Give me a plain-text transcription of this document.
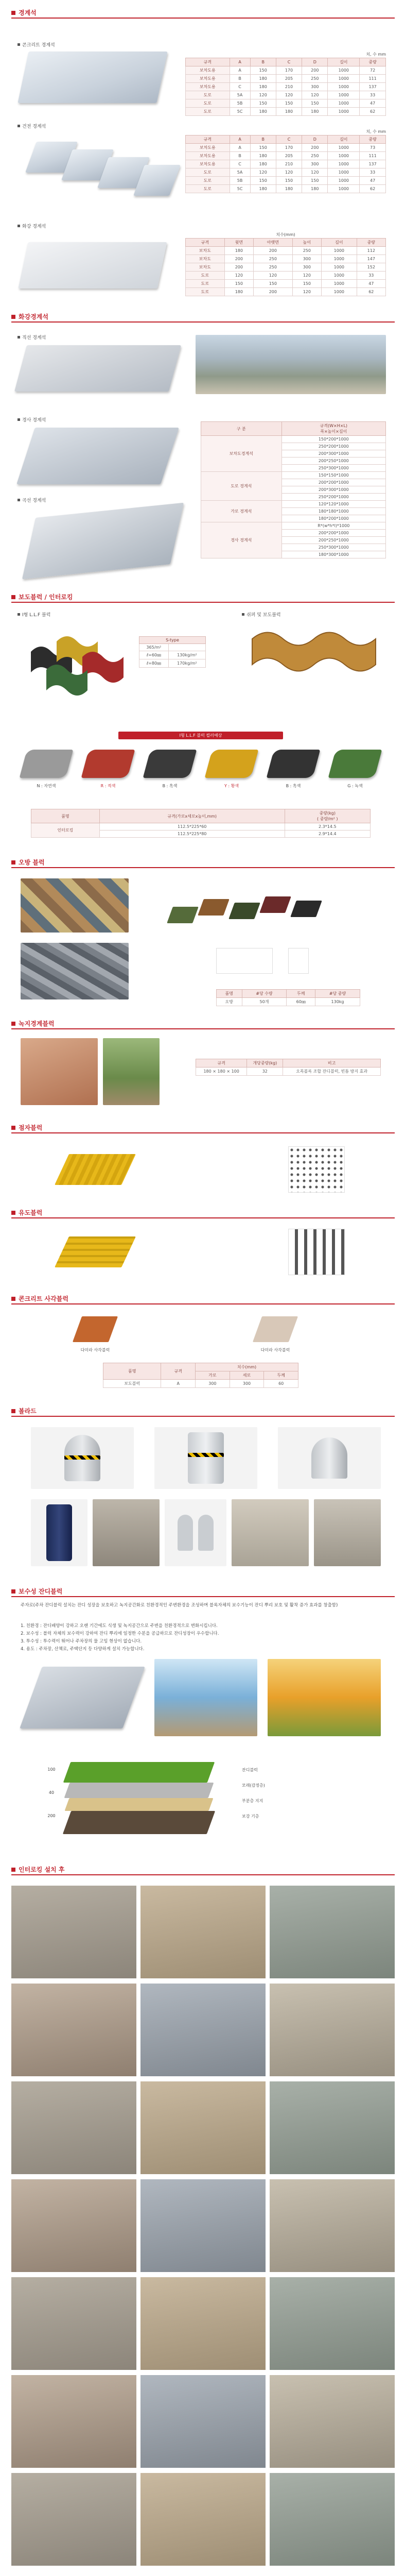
경계석
콘크리트 경계석
치, 수 mm
규격	A	B	C	D	길이	중량
보차도용	A	150	170	200	1000	72
보차도용	B	180	205	250	1000	111
보차도용	C	180	210	300	1000	137
도로	5A	120	120	120	1000	33
도로	5B	150	150	150	1000	47
도로	5C	180	180	180	1000	62
건전 경계석
치, 수 mm
규격	A	B	C	D	길이	중량
보차도용	A	150	170	200	1000	73
보차도용	B	180	205	250	1000	111
보차도용	C	180	210	300	1000	137
도로	5A	120	120	120	1000	33
도로	5B	150	150	150	1000	47
도로	5C	180	180	180	1000	62
화강 경계석
치수(mm)
규격	윗면	아랫면	높이	길이	중량
보차도	180	200	250	1000	112
보차도	200	250	300	1000	147
보차도	200	250	300	1000	152
도로	120	120	120	1000	33
도로	150	150	150	1000	47
도로	180	200	120	1000	62
화강경계석
직선 경계석
경사 경계석
곡선 경계석
구 분	규격(W×H×L)
폭×높이×길이
보차도경계석	150*200*1000
	250*200*1000
	200*300*1000
	200*250*1000
	250*300*1000
도로 경계석	150*150*1000
	200*200*1000
	200*300*1000
	250*200*1000
가로 경계석	120*120*1000
	180*180*1000
	180*200*1000
경사 경계석	R*(w*h*l)*1000
	200*200*1000
	200*250*1000
	250*300*1000
	180*300*1000
보도블럭 / 인터로킹
I형 L.L.F 블럭	쉬퍼 및 보도블럭
S-type	
365/m²	
ℓ=60㎜	130kg/m²
ℓ=80㎜	170kg/m²
I형 L.L.F 블럭 컬러예상
N : 자연색	R : 적색	B : 흑색	Y : 황색	B : 흑색	G : 녹색
품명	규격(가로x세로x높이,mm)	중량(kg)
( 중량/m² )
인터로킹	112.5*225*60	2.3*14.5
	112.5*225*80	2.9*14.4
오방 블럭
품명	#당 수량	두께	#당 중량
오방	50개	60㎜	130kg
녹지경계블럭
규격	개당중량(kg)	비고
180 × 180 × 100	32	오목볼록 조합 잔디블럭, 빈틈 방지 효과
점자블럭
유도블럭
콘크리트 사각블럭
다미라 사각블럭	다미라 사각블럭
품명	규격	치수(mm)		
		가로	세로	두께
보도블럭	A	300	300	60
볼라드
보수성 잔디블럭
주자로(주차 잔디블럭 설치는 잔디 성장을 보호하고 녹지공간화로 친환경적인 주변환경을 조성하며 블록자체의 보수기능이 잔디 뿌리 보호 및 활착 증가 효과를 창출함)
1. 친환경 : 잔디배양이 강하고 오랜 기간에도 식생 및 녹지공간으로 주변을 친환경적으로 변화시킵니다.
2. 보수성 : 블럭 자체의 보수력이 강하여 잔디 뿌리에 일정한 수분을 공급하므로 잔디성장이 우수합니다.
3. 투수성 : 투수력이 뛰어나 주차장의 물 고임 현상이 없습니다.
4. 용도 : 주차장, 산책로, 주택단지 등 다양하게 설치 가능합니다.
100
40
200
잔디블럭
모래(감정층)
부분층 지지
보강 기층
인터로킹 설치 후
